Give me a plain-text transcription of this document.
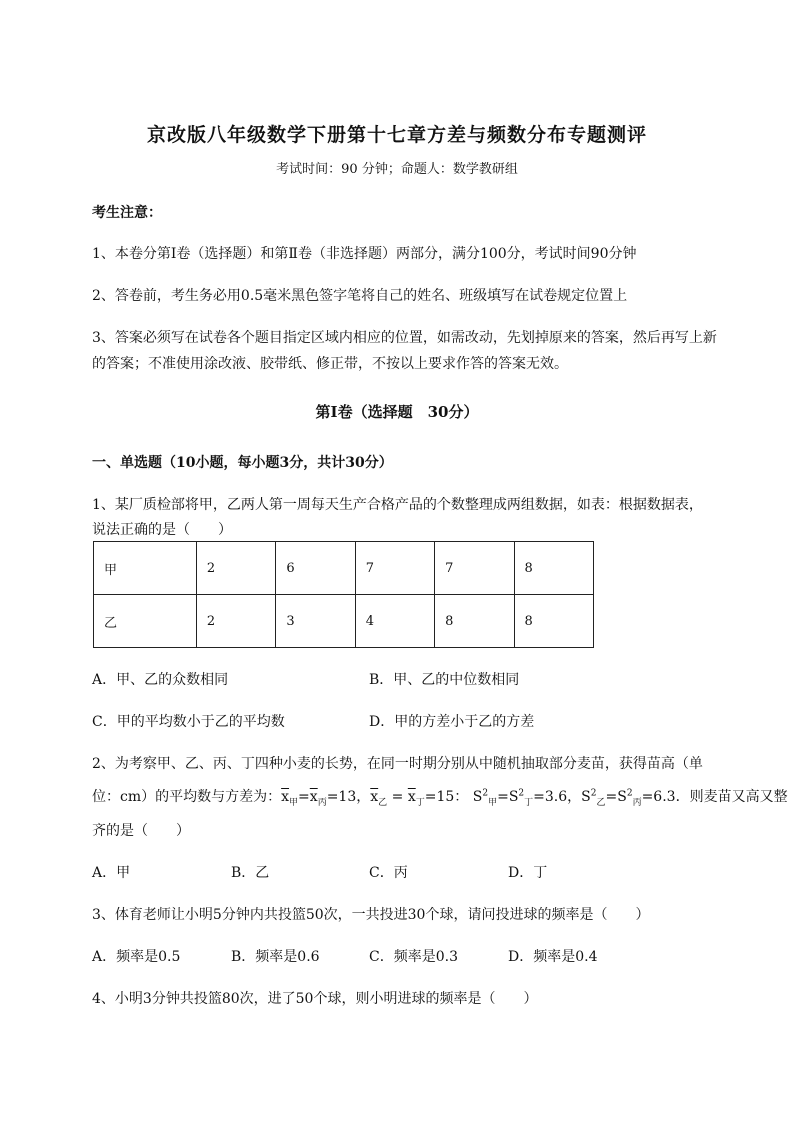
京改版八年级数学下册第十七章方差与频数分布专题测评
考试时间：90 分钟；命题人：数学教研组
考生注意：
1、本卷分第Ⅰ卷（选择题）和第Ⅱ卷（非选择题）两部分，满分100分，考试时间90分钟
2、答卷前，考生务必用0.5毫米黑色签字笔将自己的姓名、班级填写在试卷规定位置上
3、答案必须写在试卷各个题目指定区域内相应的位置，如需改动，先划掉原来的答案，然后再写上新
的答案；不准使用涂改液、胶带纸、修正带，不按以上要求作答的答案无效。
第Ⅰ卷（选择题　30分）
一、单选题（10小题，每小题3分，共计30分）
1、某厂质检部将甲，乙两人第一周每天生产合格产品的个数整理成两组数据，如表：根据数据表，
说法正确的是（　　）
甲	2	6	7	7	8
乙	2	3	4	8	8
A．甲、乙的众数相同	B．甲、乙的中位数相同
C．甲的平均数小于乙的平均数	D．甲的方差小于乙的方差
2、为考察甲、乙、丙、丁四种小麦的长势，在同一时期分别从中随机抽取部分麦苗，获得苗高（单
位：cm）的平均数与方差为：$\overline{x}_甲=\overline{x}_丙=13$，$\overline{x}_乙 = \overline{x}_丁=15$： $S^2_甲=S^2_丁=3.6$，$S^2_乙=S^2_丙=6.3$．则麦苗又高又整
齐的是（　　）
A．甲	B．乙	C．丙	D．丁
3、体育老师让小明5分钟内共投篮50次，一共投进30个球，请问投进球的频率是（　　）
A．频率是0.5	B．频率是0.6	C．频率是0.3	D．频率是0.4
4、小明3分钟共投篮80次，进了50个球，则小明进球的频率是（　　）
